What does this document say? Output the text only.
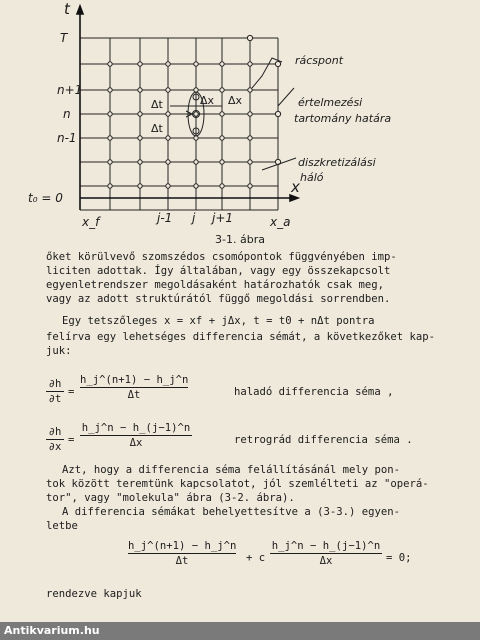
t
x
T
n+1
n
n-1
t₀ = 0
x_f	j-1 j j+1	x_a
Δt
Δt
Δx Δx
rácspont
értelmezési
tartomány határa
diszkretizálási
háló
3-1. ábra
őket körülvevő szomszédos csomópontok függvényében imp-
liciten adottak. Így általában, vagy egy összekapcsolt
egyenletrendszer megoldásaként határozhatók csak meg,
vagy az adott struktúrától függő megoldási sorrendben.
Egy tetszőleges x = xf + jΔx, t = t0 + nΔt pontra
felírva egy lehetséges differencia sémát, a következőket kap-
juk:
∂h
∂t
=
h_j^(n+1) − h_j^n
Δt	haladó differencia séma ,
∂h
∂x
=
h_j^n − h_(j−1)^n
Δx	retrográd differencia séma .
Azt, hogy a differencia séma felállításánál mely pon-
tok között teremtünk kapcsolatot, jól szemlélteti az "operá-
tor", vagy "molekula" ábra (3-2. ábra).
A differencia sémákat behelyettesítve a (3-3.) egyen-
letbe
h_j^(n+1) − h_j^n
Δt	+ c
h_j^n − h_(j−1)^n
Δx	= 0;
rendezve kapjuk
Antikvarium.hu
